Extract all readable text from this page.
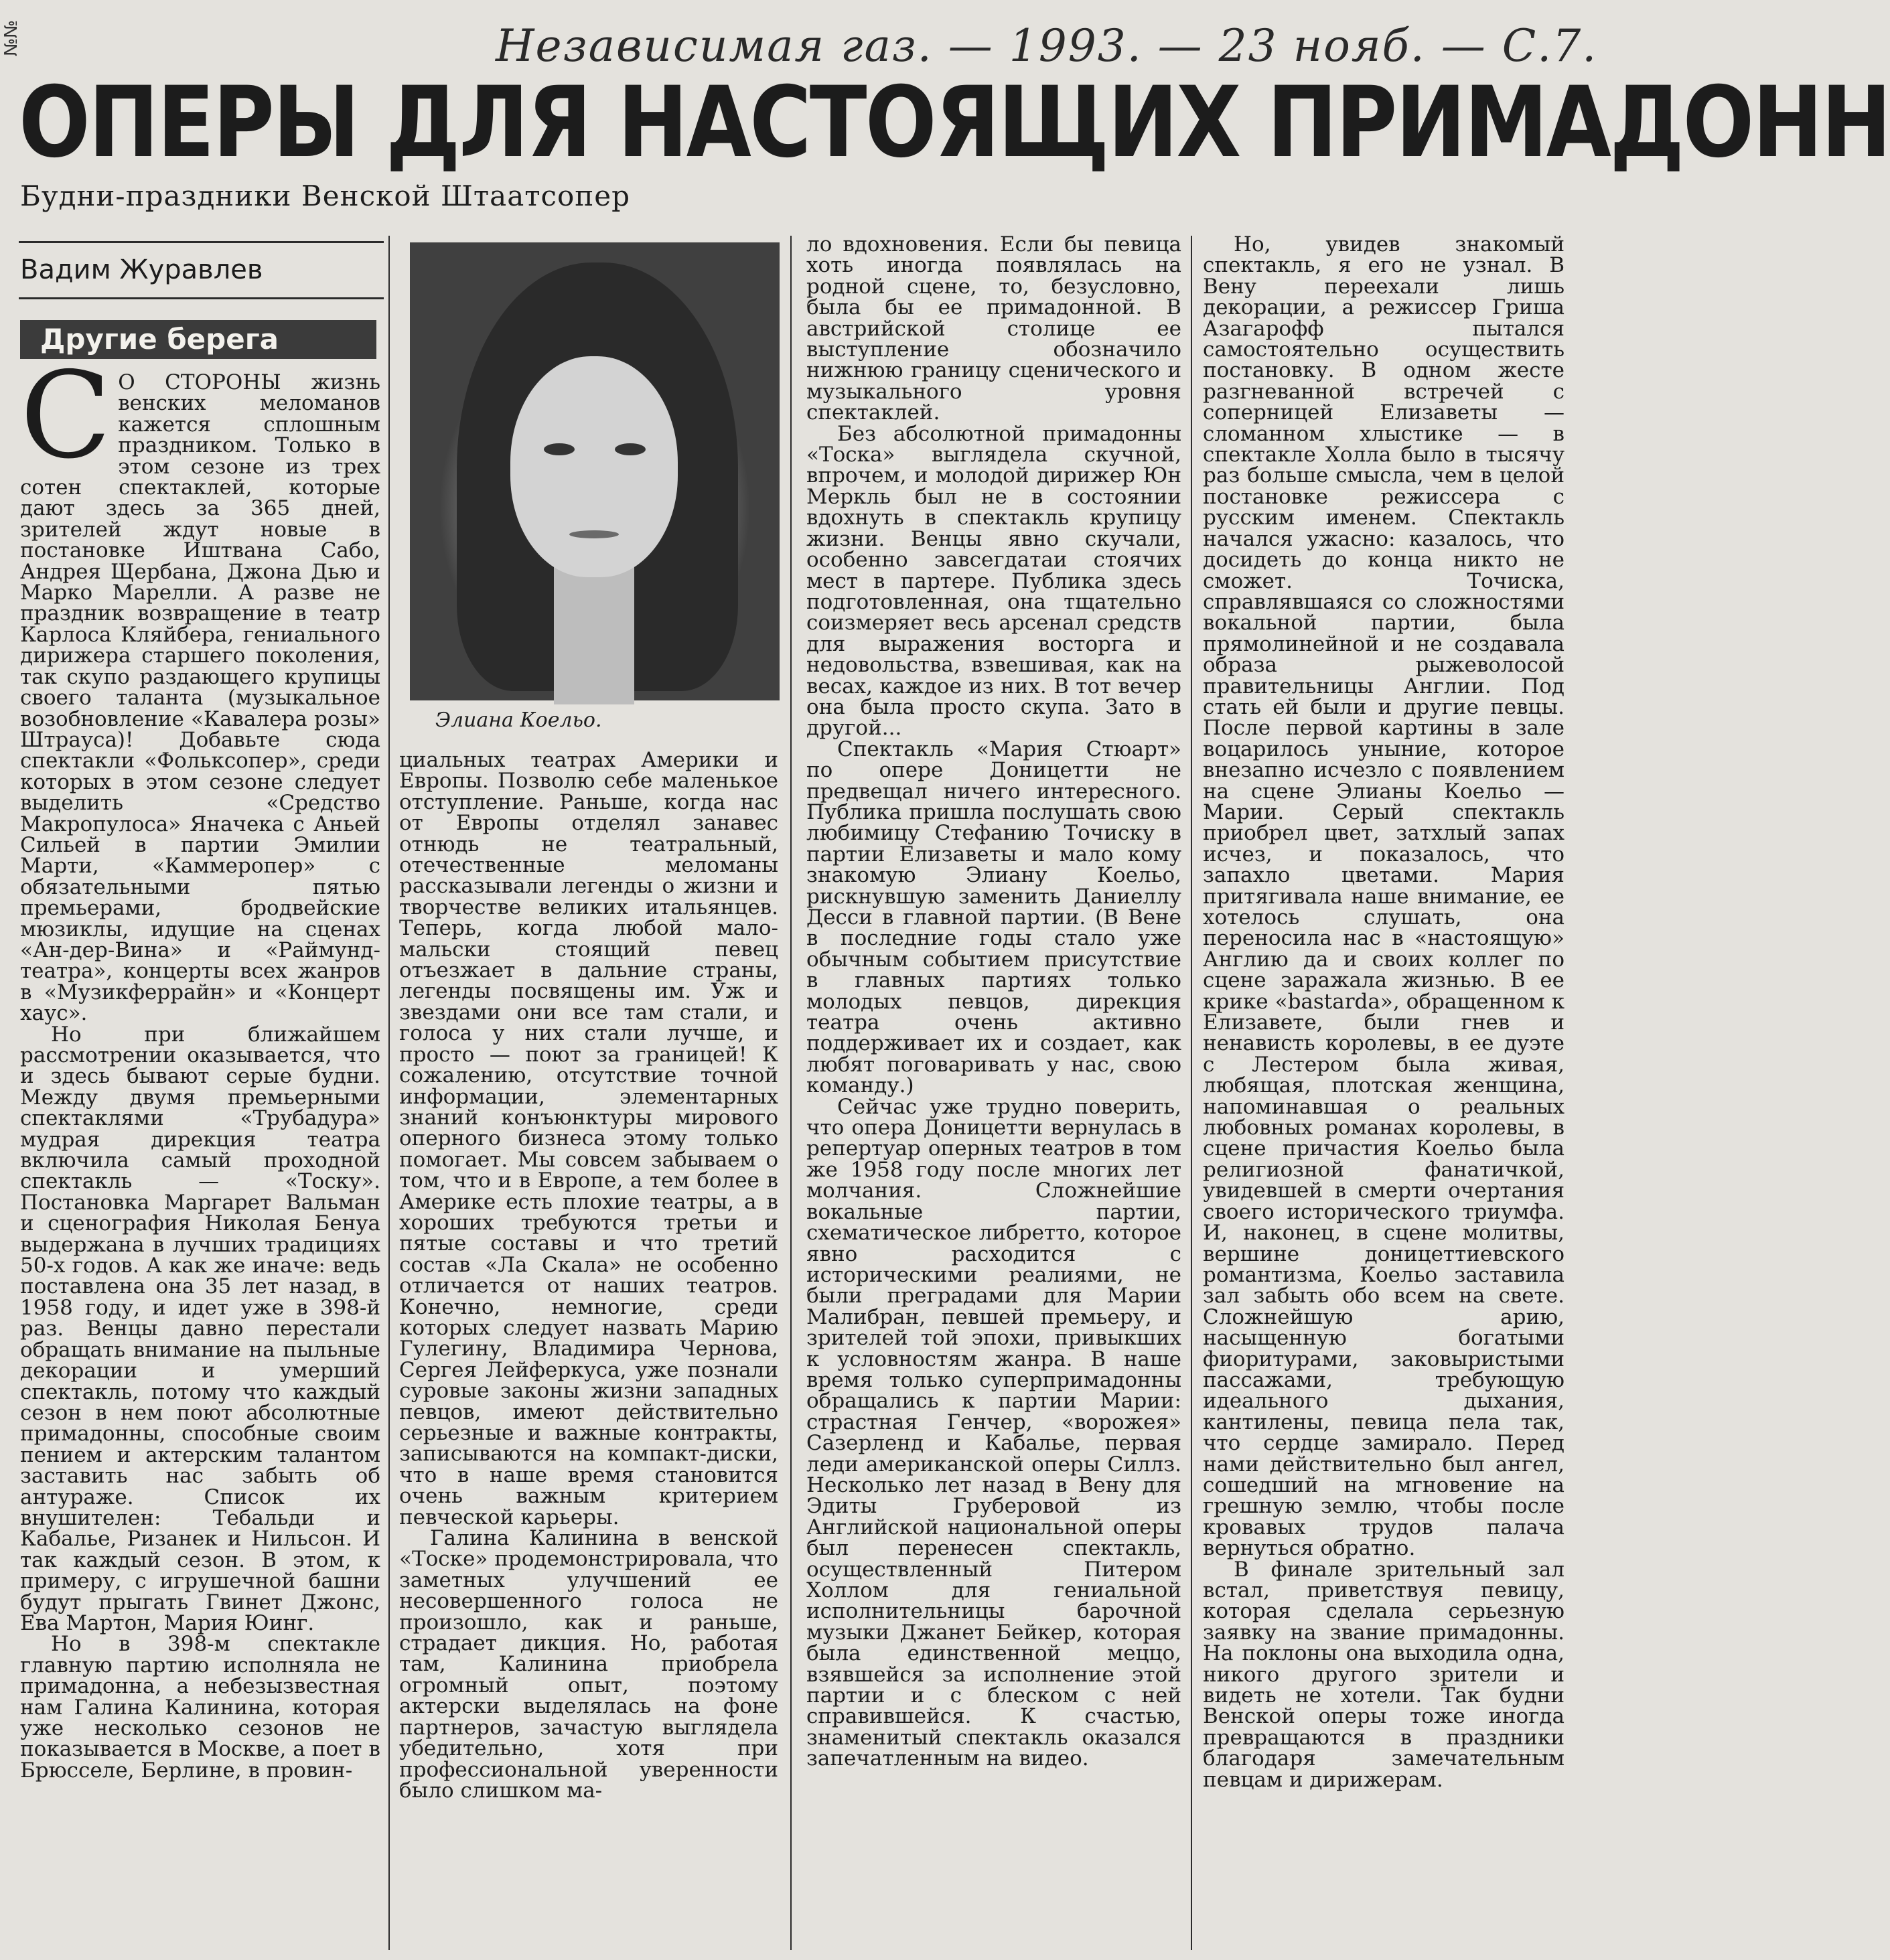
Независимая газ. — 1993. — 23 нояб. — С.7.
№№
ОПЕРЫ ДЛЯ НАСТОЯЩИХ ПРИМАДОНН
Будни-праздники Венской Штаатсопер
Вадим Журавлев
Другие берега

СО СТОРОНЫ жизнь венских меломанов кажется сплошным праздником. Только в этом сезоне из трех сотен спектаклей, которые дают здесь за 365 дней, зрителей ждут новые в постановке Иштвана Сабо, Андрея Щербана, Джона Дью и Марко Марелли. А разве не праздник возвращение в театр Карлоса Кляйбера, гениального дирижера старшего поколения, так скупо раздающего крупицы своего таланта (музыкальное возобновление «Кавалера розы» Штрауса)! Добавьте сюда спектакли «Фольксопер», среди которых в этом сезоне следует выделить «Средство Макропулоса» Яначека с Аньей Сильей в партии Эмилии Марти, «Каммеропер» с обязательными пятью премьерами, бродвейские мюзиклы, идущие на сценах «Ан-дер-Вина» и «Раймунд-театра», концерты всех жанров в «Музикферрайн» и «Концерт хаус».

Но при ближайшем рассмотрении оказывается, что и здесь бывают серые будни. Между двумя премьерными спектаклями «Трубадура» мудрая дирекция театра включила самый проходной спектакль — «Тоску». Постановка Маргарет Вальман и сценография Николая Бенуа выдержана в лучших традициях 50-х годов. А как же иначе: ведь поставлена она 35 лет назад, в 1958 году, и идет уже в 398-й раз. Венцы давно перестали обращать внимание на пыльные декорации и умерший спектакль, потому что каждый сезон в нем поют абсолютные примадонны, способные своим пением и актерским талантом заставить нас забыть об антураже. Список их внушителен: Тебальди и Кабалье, Ризанек и Нильсон. И так каждый сезон. В этом, к примеру, с игрушечной башни будут прыгать Гвинет Джонс, Ева Мартон, Мария Юинг.

Но в 398-м спектакле главную партию исполняла не примадонна, а небезызвестная нам Галина Калинина, которая уже несколько сезонов не показывается в Москве, а поет в Брюсселе, Берлине, в провин-

Элиана Коельо.

циальных театрах Америки и Европы. Позволю себе маленькое отступление. Раньше, когда нас от Европы отделял занавес отнюдь не театральный, отечественные меломаны рассказывали легенды о жизни и творчестве великих итальянцев. Теперь, когда любой мало-мальски стоящий певец отъезжает в дальние страны, легенды посвящены им. Уж и звездами они все там стали, и голоса у них стали лучше, и просто — поют за границей! К сожалению, отсутствие точной информации, элементарных знаний конъюнктуры мирового оперного бизнеса этому только помогает. Мы совсем забываем о том, что и в Европе, а тем более в Америке есть плохие театры, а в хороших требуются третьи и пятые составы и что третий состав «Ла Скала» не особенно отличается от наших театров. Конечно, немногие, среди которых следует назвать Марию Гулегину, Владимира Чернова, Сергея Лейферкуса, уже познали суровые законы жизни западных певцов, имеют действительно серьезные и важные контракты, записываются на компакт-диски, что в наше время становится очень важным критерием певческой карьеры.

Галина Калинина в венской «Тоске» продемонстрировала, что заметных улучшений ее несовершенного голоса не произошло, как и раньше, страдает дикция. Но, работая там, Калинина приобрела огромный опыт, поэтому актерски выделялась на фоне партнеров, зачастую выглядела убедительно, хотя при профессиональной уверенности было слишком ма-

ло вдохновения. Если бы певица хоть иногда появлялась на родной сцене, то, безусловно, была бы ее примадонной. В австрийской столице ее выступление обозначило нижнюю границу сценического и музыкального уровня спектаклей.

Без абсолютной примадонны «Тоска» выглядела скучной, впрочем, и молодой дирижер Юн Меркль был не в состоянии вдохнуть в спектакль крупицу жизни. Венцы явно скучали, особенно завсегдатаи стоячих мест в партере. Публика здесь подготовленная, она тщательно соизмеряет весь арсенал средств для выражения восторга и недовольства, взвешивая, как на весах, каждое из них. В тот вечер она была просто скупа. Зато в другой...

Спектакль «Мария Стюарт» по опере Доницетти не предвещал ничего интересного. Публика пришла послушать свою любимицу Стефанию Точиску в партии Елизаветы и мало кому знакомую Элиану Коельо, рискнувшую заменить Даниеллу Десси в главной партии. (В Вене в последние годы стало уже обычным событием присутствие в главных партиях только молодых певцов, дирекция театра очень активно поддерживает их и создает, как любят поговаривать у нас, свою команду.)

Сейчас уже трудно поверить, что опера Доницетти вернулась в репертуар оперных театров в том же 1958 году после многих лет молчания. Сложнейшие вокальные партии, схематическое либретто, которое явно расходится с историческими реалиями, не были преградами для Марии Малибран, певшей премьеру, и зрителей той эпохи, привыкших к условностям жанра. В наше время только суперпримадонны обращались к партии Марии: страстная Генчер, «ворожея» Сазерленд и Кабалье, первая леди американской оперы Силлз. Несколько лет назад в Вену для Эдиты Груберовой из Английской национальной оперы был перенесен спектакль, осуществленный Питером Холлом для гениальной исполнительницы барочной музыки Джанет Бейкер, которая была единственной меццо, взявшейся за исполнение этой партии и с блеском с ней справившейся. К счастью, знаменитый спектакль оказался запечатленным на видео.

Но, увидев знакомый спектакль, я его не узнал. В Вену переехали лишь декорации, а режиссер Гриша Азагарофф пытался самостоятельно осуществить постановку. В одном жесте разгневанной встречей с соперницей Елизаветы — сломанном хлыстике — в спектакле Холла было в тысячу раз больше смысла, чем в целой постановке режиссера с русским именем. Спектакль начался ужасно: казалось, что досидеть до конца никто не сможет. Точиска, справлявшаяся со сложностями вокальной партии, была прямолинейной и не создавала образа рыжеволосой правительницы Англии. Под стать ей были и другие певцы. После первой картины в зале воцарилось уныние, которое внезапно исчезло с появлением на сцене Элианы Коельо — Марии. Серый спектакль приобрел цвет, затхлый запах исчез, и показалось, что запахло цветами. Мария притягивала наше внимание, ее хотелось слушать, она переносила нас в «настоящую» Англию да и своих коллег по сцене заражала жизнью. В ее крике «bastarda», обращенном к Елизавете, были гнев и ненависть королевы, в ее дуэте с Лестером была живая, любящая, плотская женщина, напоминавшая о реальных любовных романах королевы, в сцене причастия Коельо была религиозной фанатичкой, увидевшей в смерти очертания своего исторического триумфа. И, наконец, в сцене молитвы, вершине доницеттиевского романтизма, Коельо заставила зал забыть обо всем на свете. Сложнейшую арию, насыщенную богатыми фиоритурами, заковыристыми пассажами, требующую идеального дыхания, кантилены, певица пела так, что сердце замирало. Перед нами действительно был ангел, сошедший на мгновение на грешную землю, чтобы после кровавых трудов палача вернуться обратно.

В финале зрительный зал встал, приветствуя певицу, которая сделала серьезную заявку на звание примадонны. На поклоны она выходила одна, никого другого зрители и видеть не хотели. Так будни Венской оперы тоже иногда превращаются в праздники благодаря замечательным певцам и дирижерам.
